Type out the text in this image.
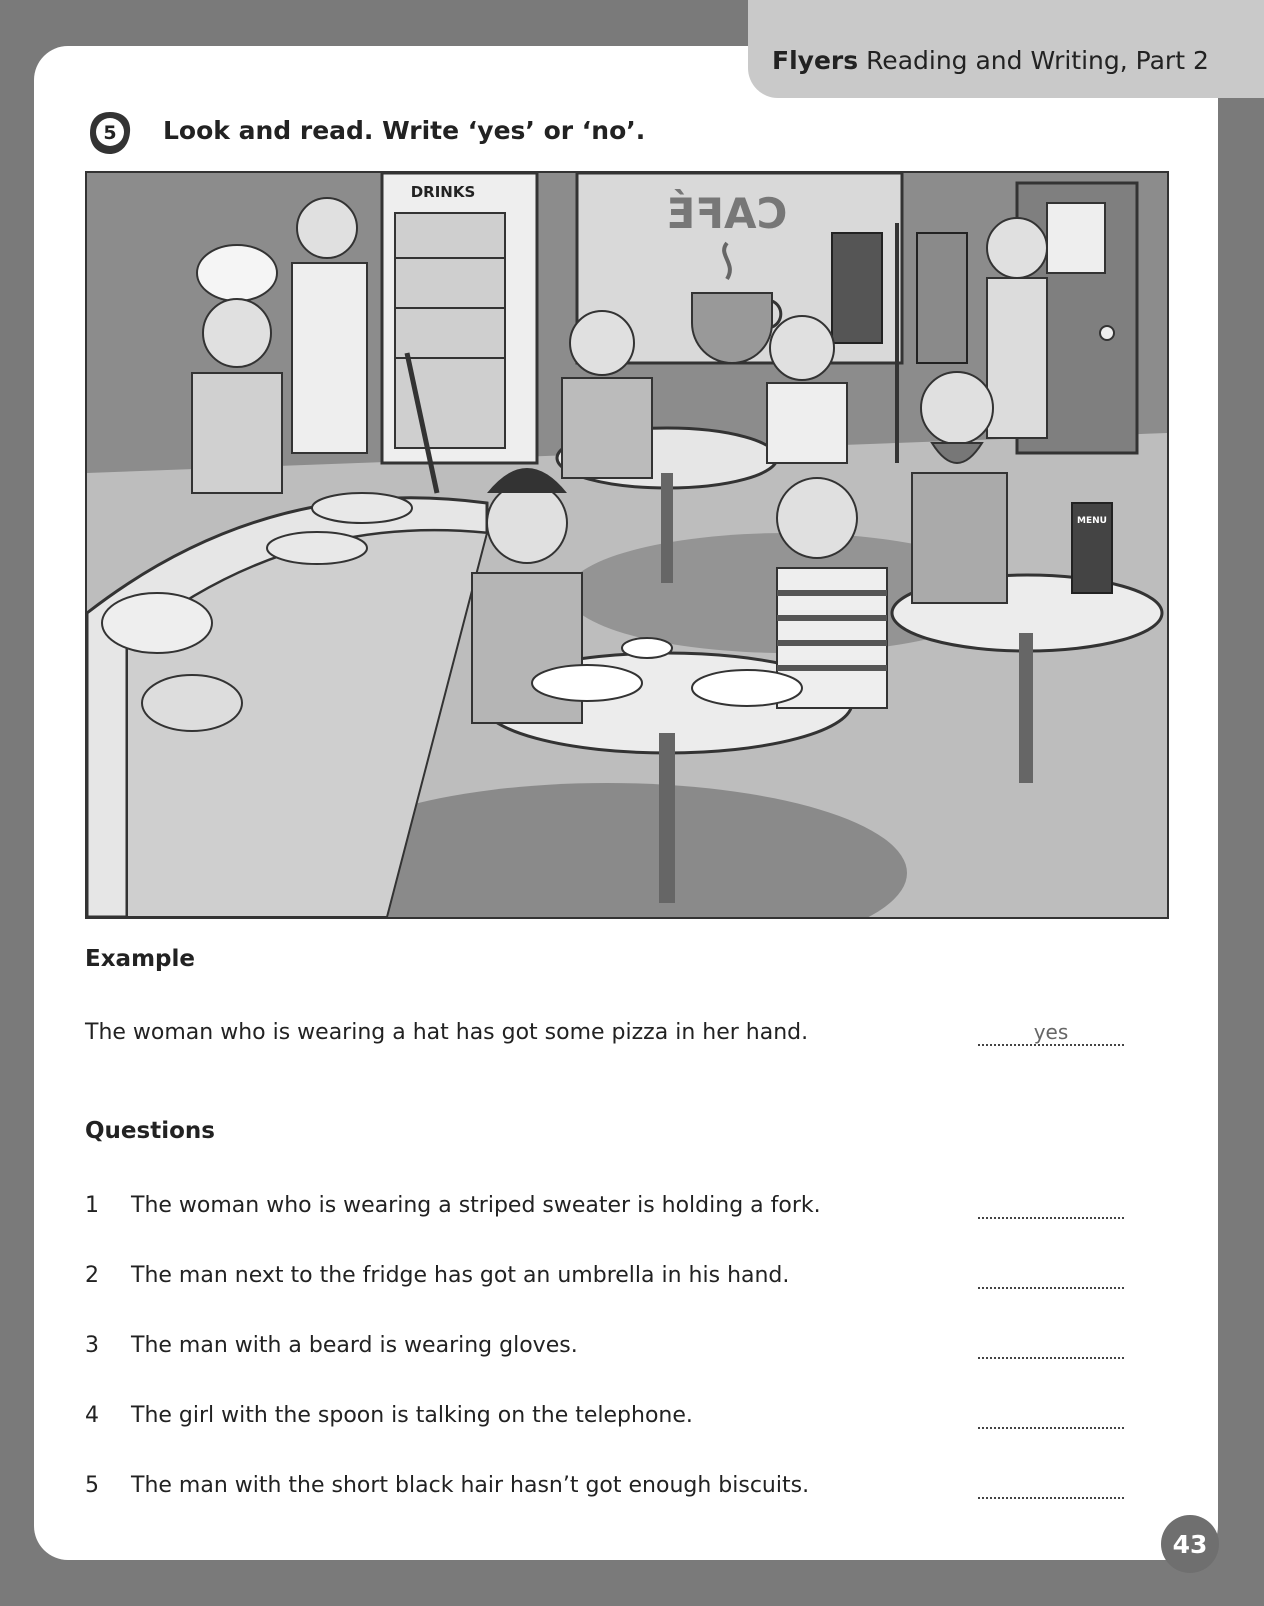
Flyers Reading and Writing, Part 2
5 Look and read. Write ‘yes’ or ‘no’.
CAFÉ
DRINKS
MENU
Example
The woman who is wearing a hat has got some pizza in her hand.	yes
Questions
1 The woman who is wearing a striped sweater is holding a fork.
2 The man next to the fridge has got an umbrella in his hand.
3 The man with a beard is wearing gloves.
4 The girl with the spoon is talking on the telephone.
5 The man with the short black hair hasn’t got enough biscuits.
43
